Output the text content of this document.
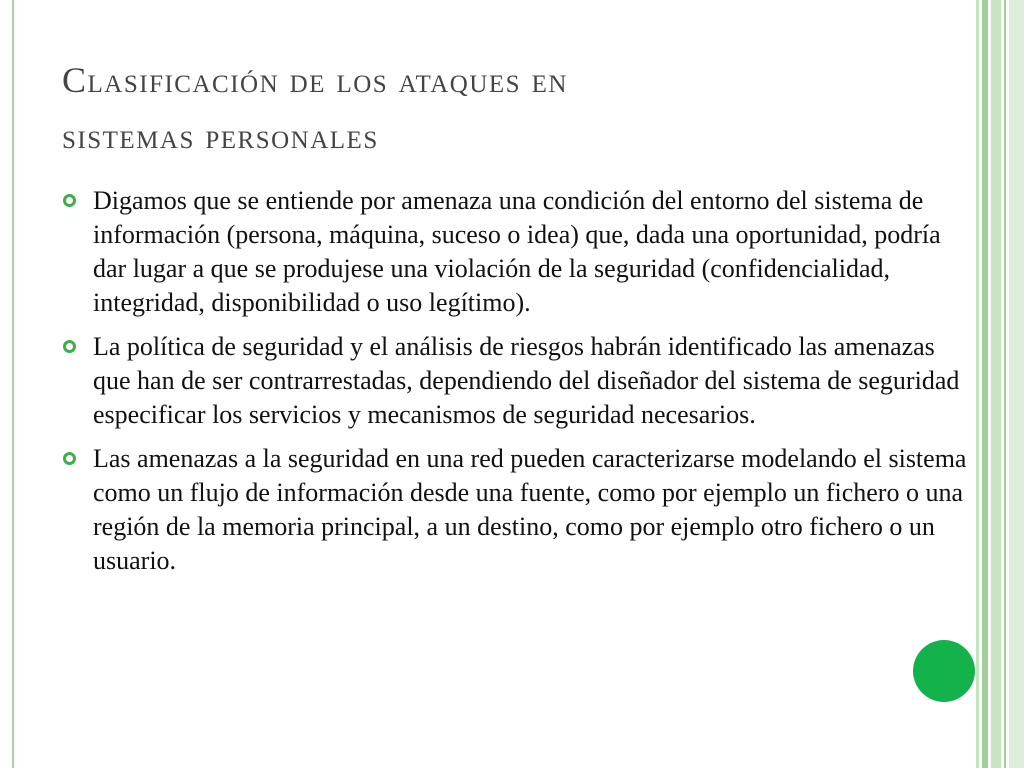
Clasificación de los ataques en
sistemas personales
Digamos que se entiende por amenaza una condición del entorno del sistema de información (persona, máquina, suceso o idea) que, dada una oportunidad, podría dar lugar a que se produjese una violación de la seguridad (confidencialidad, integridad, disponibilidad o uso legítimo).
La política de seguridad y el análisis de riesgos habrán identificado las amenazas que han de ser contrarrestadas, dependiendo del diseñador del sistema de seguridad especificar los servicios y mecanismos de seguridad necesarios.
Las amenazas a la seguridad en una red pueden caracterizarse modelando el sistema como un flujo de información desde una fuente, como por ejemplo un fichero o una región de la memoria principal, a un destino, como por ejemplo otro fichero o un usuario.
